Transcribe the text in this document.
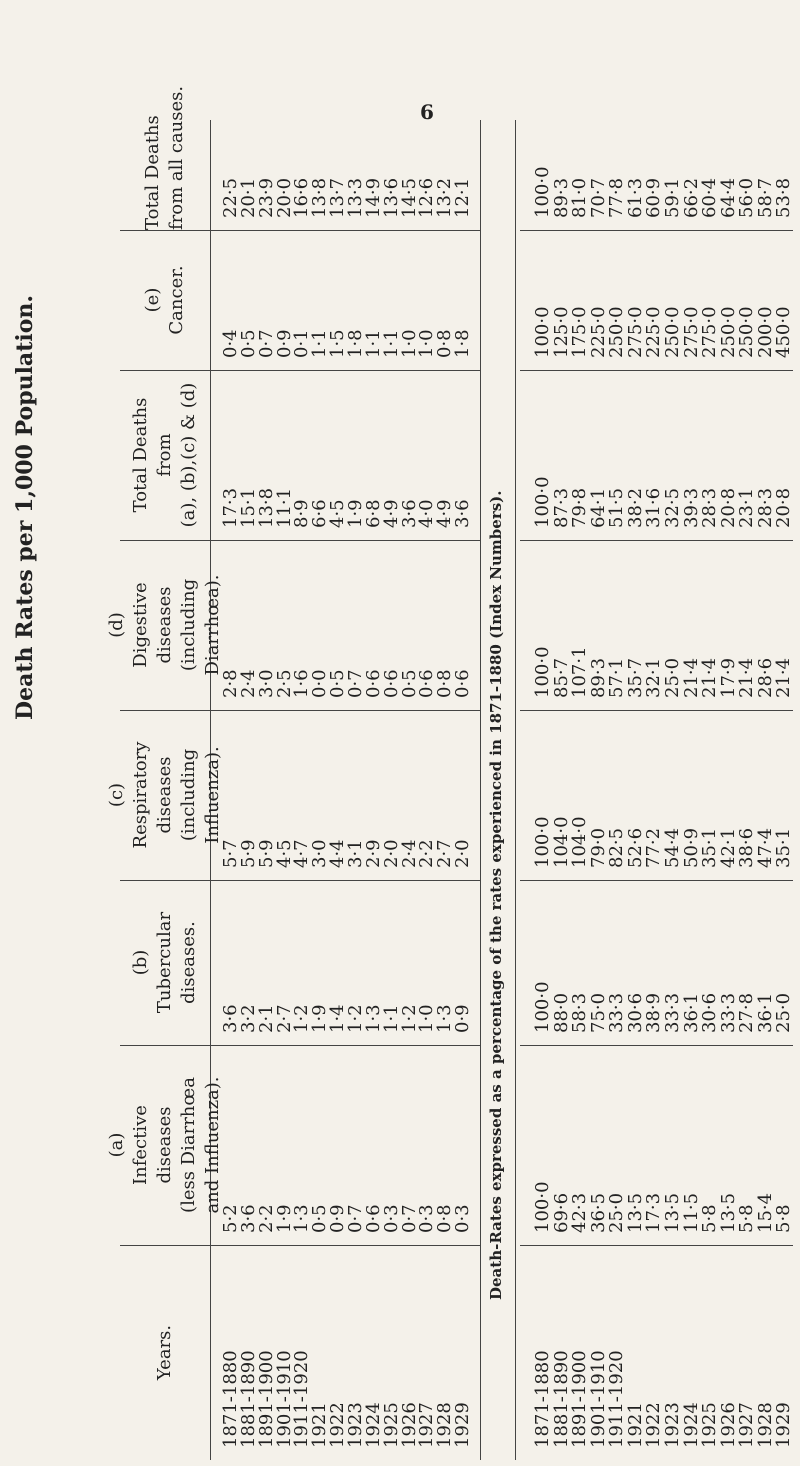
6
Death Rates per 1,000 Population.
Years.
(a) Infective diseases (less Diarrhœa and Influenza).
(b) Tubercular diseases.
(c) Respiratory diseases (including Influenza).
(d) Digestive diseases (including Diarrhœa).
Total Deaths from (a), (b),(c) & (d)
(e) Cancer.
Total Deaths from all causes.
Death-Rates expressed as a percentage of the rates experienced in 1871-1880 (Index Numbers).
1871-1880
5·2
3·6
5·7
2·8
17·3
0·4
22·5
1881-1890
3·6
3·2
5·9
2·4
15·1
0·5
20·1
1891-1900
2·2
2·1
5·9
3·0
13·8
0·7
23·9
1901-1910
1·9
2·7
4·5
2·5
11·1
0·9
20·0
1911-1920
1·3
1·2
4·7
1·6
8·9
0·1
16·6
1921
0·5
1·9
3·0
0·0
6·6
1·1
13·8
1922
0·9
1·4
4·4
0·5
4·5
1·5
13·7
1923
0·7
1·2
3·1
0·7
1·9
1·8
13·3
1924
0·6
1·3
2·9
0·6
6·8
1·1
14·9
1925
0·3
1·1
2·0
0·6
4·9
1·1
13·6
1926
0·7
1·2
2·4
0·5
3·6
1·0
14·5
1927
0·3
1·0
2·2
0·6
4·0
1·0
12·6
1928
0·8
1·3
2·7
0·8
4·9
0·8
13·2
1929
0·3
0·9
2·0
0·6
3·6
1·8
12·1
1871-1880
100·0
100·0
100·0
100·0
100·0
100·0
100·0
1881-1890
69·6
88·0
104·0
85·7
87·3
125·0
89·3
1891-1900
42·3
58·3
104·0
107·1
79·8
175·0
81·0
1901-1910
36·5
75·0
79·0
89·3
64·1
225·0
70·7
1911-1920
25·0
33·3
82·5
57·1
51·5
250·0
77·8
1921
13·5
30·6
52·6
35·7
38·2
275·0
61·3
1922
17·3
38·9
77·2
32·1
31·6
225·0
60·9
1923
13·5
33·3
54·4
25·0
32·5
250·0
59·1
1924
11·5
36·1
50·9
21·4
39·3
275·0
66·2
1925
5·8
30·6
35·1
21·4
28·3
275·0
60·4
1926
13·5
33·3
42·1
17·9
20·8
250·0
64·4
1927
5·8
27·8
38·6
21·4
23·1
250·0
56·0
1928
15·4
36·1
47·4
28·6
28·3
200·0
58·7
1929
5·8
25·0
35·1
21·4
20·8
450·0
53·8
